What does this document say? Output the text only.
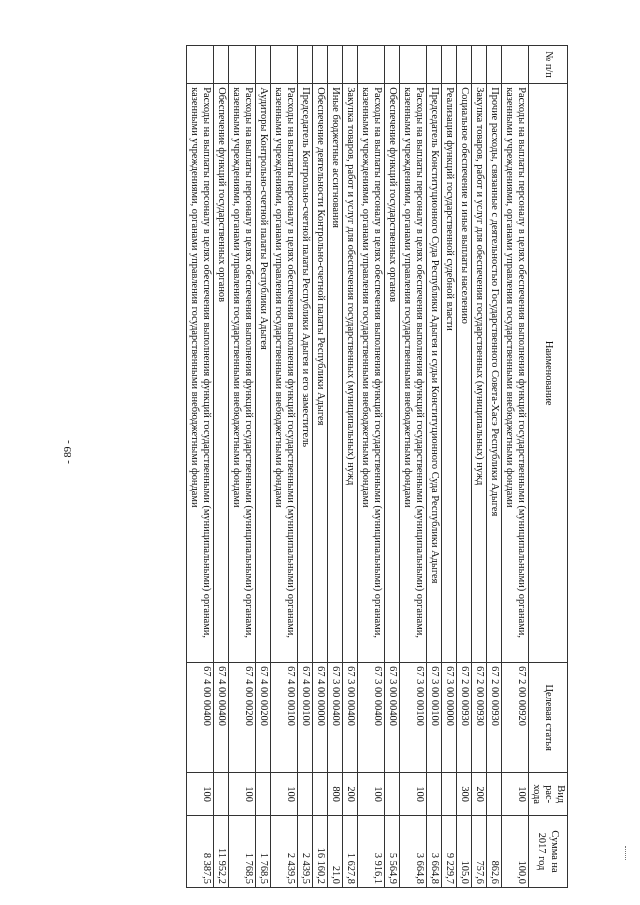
- 89 -
№ п/п	Наименование	Целевая статья	Вид рас- хода	Сумма на 2017 год
	Расходы на выплаты персоналу в целях обеспечения выполнения функций государственными (муниципальными) органами, казенными учреждениями, органами управления государственными внебюджетными фондами	67 2 00 00920	100	100,0
	Прочие расходы, связанные с деятельностью Государственного Совета-Хасэ Республики Адыгея	67 2 00 00930		862,6
	Закупка товаров, работ и услуг для обеспечения государственных (муниципальных) нужд	67 2 00 00930	200	757,6
	Социальное обеспечение и иные выплаты населению	67 2 00 00930	300	105,0
	Реализация функций государственной судебной власти	67 3 00 00000		9 229,7
	Председатель Конституционного Суда Республики Адыгея и судьи Конституционного Суда Республики Адыгея	67 3 00 00100		3 664,8
	Расходы на выплаты персоналу в целях обеспечения выполнения функций государственными (муниципальными) органами, казенными учреждениями, органами управления государственными внебюджетными фондами	67 3 00 00100	100	3 664,8
	Обеспечение функций государственных органов	67 3 00 00400		5 564,9
	Расходы на выплаты персоналу в целях обеспечения выполнения функций государственными (муниципальными) органами, казенными учреждениями, органами управления государственными внебюджетными фондами	67 3 00 00400	100	3 916,1
	Закупка товаров, работ и услуг для обеспечения государственных (муниципальных) нужд	67 3 00 00400	200	1 627,8
	Иные бюджетные ассигнования	67 3 00 00400	800	21,0
	Обеспечение деятельности Контрольно-счетной палаты Республики Адыгея	67 4 00 00000		16 160,2
	Председатель Контрольно-счетной палаты Республики Адыгея и его заместитель	67 4 00 00100		2 439,5
	Расходы на выплаты персоналу в целях обеспечения выполнения функций государственными (муниципальными) органами, казенными учреждениями, органами управления государственными внебюджетными фондами	67 4 00 00100	100	2 439,5
	Аудиторы Контрольно-счетной палаты Республики Адыгея	67 4 00 00200		1 768,5
	Расходы на выплаты персоналу в целях обеспечения выполнения функций государственными (муниципальными) органами, казенными учреждениями, органами управления государственными внебюджетными фондами	67 4 00 00200	100	1 768,5
	Обеспечение функций государственных органов	67 4 00 00400		11 952,2
	Расходы на выплаты персоналу в целях обеспечения выполнения функций государственными (муниципальными) органами, казенными учреждениями, органами управления государственными внебюджетными фондами	67 4 00 00400	100	8 387,5
